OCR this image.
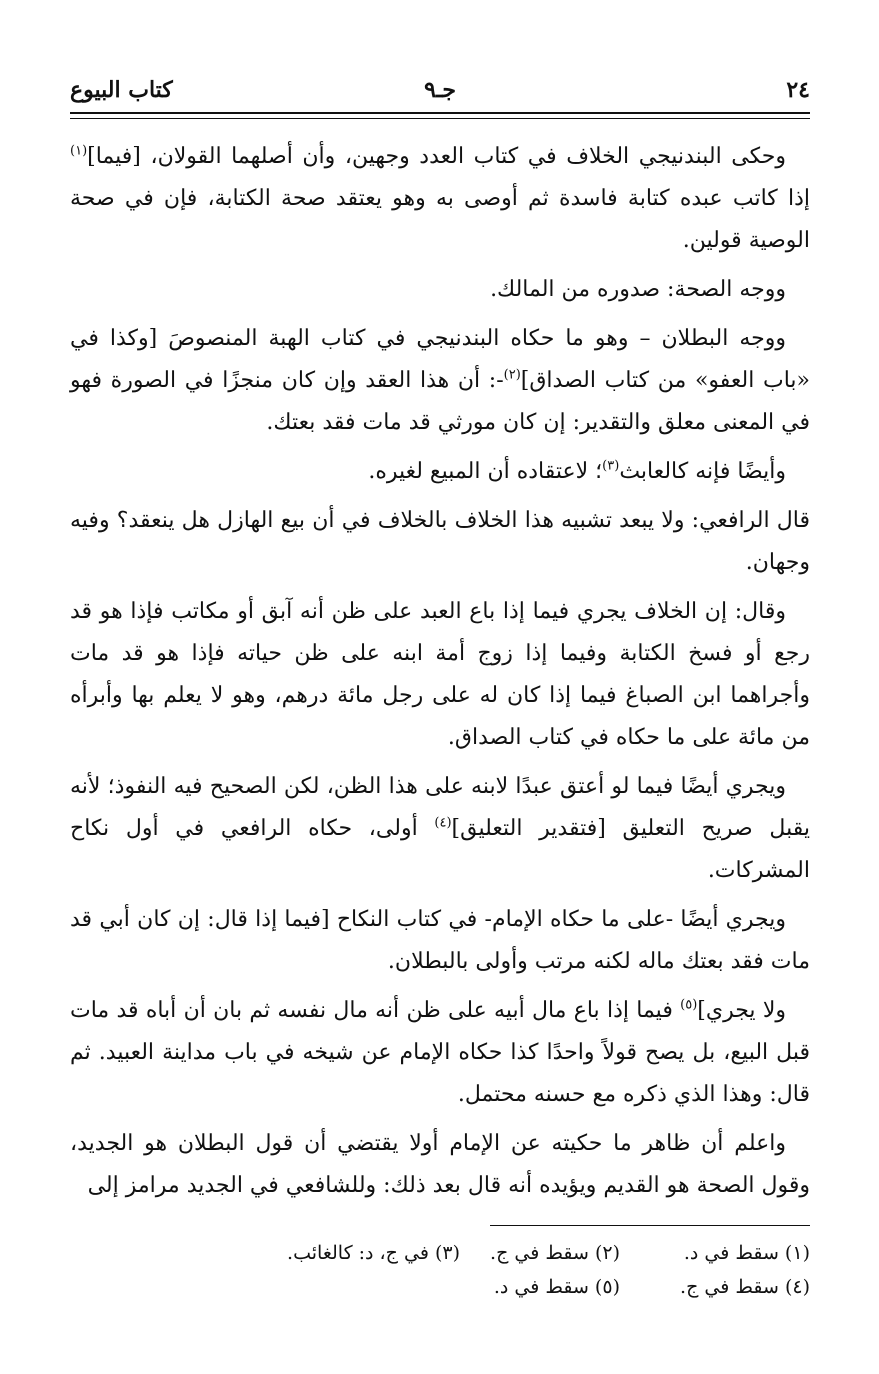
٢٤
جـ٩
كتاب البيوع

وحكى البندنيجي الخلاف في كتاب العدد وجهين، وأن أصلهما القولان، [فيما]$^{(١)}$ إذا كاتب عبده كتابة فاسدة ثم أوصى به وهو يعتقد صحة الكتابة، فإن في صحة الوصية قولين.

ووجه الصحة: صدوره من المالك.

ووجه البطلان – وهو ما حكاه البندنيجي في كتاب الهبة المنصوصَ [وكذا في «باب العفو» من كتاب الصداق]$^{(٢)}$-: أن هذا العقد وإن كان منجزًا في الصورة فهو في المعنى معلق والتقدير: إن كان مورثي قد مات فقد بعتك.

وأيضًا فإنه كالعابث$^{(٣)}$؛ لاعتقاده أن المبيع لغيره.

قال الرافعي: ولا يبعد تشبيه هذا الخلاف بالخلاف في أن بيع الهازل هل ينعقد؟ وفيه وجهان.

وقال: إن الخلاف يجري فيما إذا باع العبد على ظن أنه آبق أو مكاتب فإذا هو قد رجع أو فسخ الكتابة وفيما إذا زوج أمة ابنه على ظن حياته فإذا هو قد مات وأجراهما ابن الصباغ فيما إذا كان له على رجل مائة درهم، وهو لا يعلم بها وأبرأه من مائة على ما حكاه في كتاب الصداق.

ويجري أيضًا فيما لو أعتق عبدًا لابنه على هذا الظن، لكن الصحيح فيه النفوذ؛ لأنه يقبل صريح التعليق [فتقدير التعليق]$^{(٤)}$ أولى، حكاه الرافعي في أول نكاح المشركات.

ويجري أيضًا -على ما حكاه الإمام- في كتاب النكاح [فيما إذا قال: إن كان أبي قد مات فقد بعتك ماله لكنه مرتب وأولى بالبطلان.

ولا يجري]$^{(٥)}$ فيما إذا باع مال أبيه على ظن أنه مال نفسه ثم بان أن أباه قد مات قبل البيع، بل يصح قولاً واحدًا كذا حكاه الإمام عن شيخه في باب مداينة العبيد. ثم قال: وهذا الذي ذكره مع حسنه محتمل.

واعلم أن ظاهر ما حكيته عن الإمام أولا يقتضي أن قول البطلان هو الجديد، وقول الصحة هو القديم ويؤيده أنه قال بعد ذلك: وللشافعي في الجديد مرامز إلى

(١) سقط في د.
(٢) سقط في ج.
(٣) في ج، د: كالغائب.
(٤) سقط في ج.
(٥) سقط في د.
